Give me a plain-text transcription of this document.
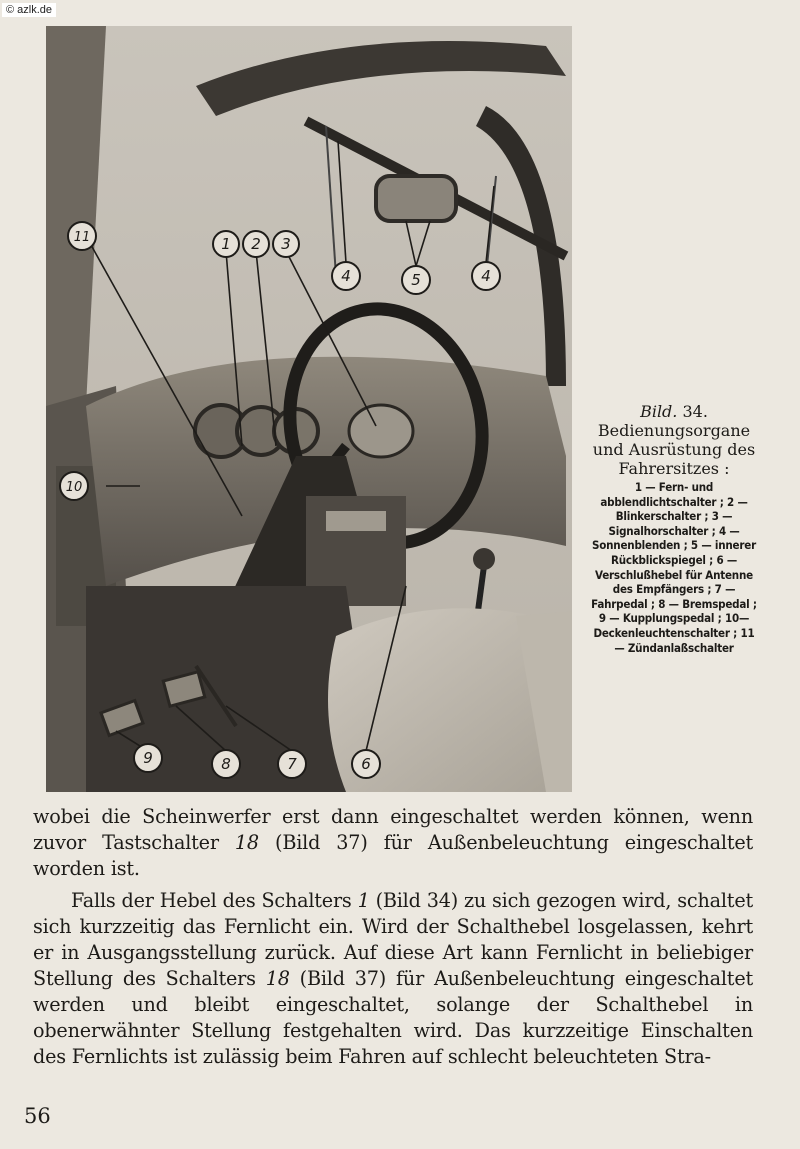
© azlk.de
1 2 3
4	4
5
6
7
8
9
10
11
Bild. 34. Bedienungsorgane und Ausrüstung des Fahrersitzes :
1 — Fern- und abblendlichtschalter ; 2 — Blinkerschalter ; 3 — Signalhorschalter ; 4 — Sonnenblenden ; 5 — innerer Rückblickspiegel ; 6 — Verschlußhebel für Antenne des Empfängers ; 7 — Fahrpedal ; 8 — Bremspedal ; 9 — Kupplungspedal ; 10— Deckenleuchtenschalter ; 11 — Zündanlaßschalter

wobei die Scheinwerfer erst dann eingeschaltet werden können, wenn zuvor Tastschalter 18 (Bild 37) für Außenbeleuchtung eingeschaltet worden ist.

Falls der Hebel des Schalters 1 (Bild 34) zu sich gezogen wird, schaltet sich kurzzeitig das Fernlicht ein. Wird der Schalthebel losgelassen, kehrt er in Ausgangsstellung zurück. Auf diese Art kann Fernlicht in beliebiger Stellung des Schalters 18 (Bild 37) für Außenbeleuchtung eingeschaltet werden und bleibt eingeschaltet, solange der Schalthebel in obenerwähnter Stellung festgehalten wird. Das kurzzeitige Einschalten des Fernlichts ist zulässig beim Fahren auf schlecht beleuchteten Stra-

56
